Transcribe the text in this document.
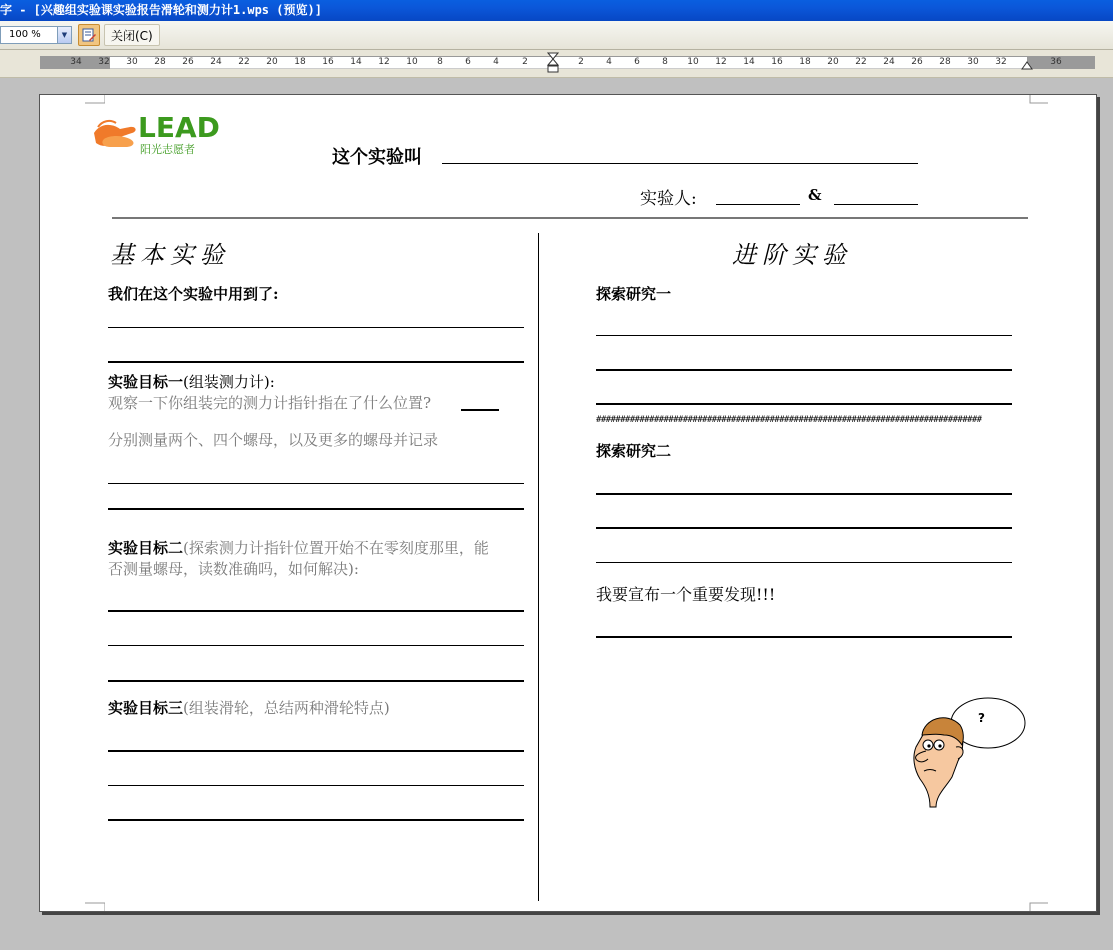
字 - [兴趣组实验课实验报告滑轮和测力计1.wps (预览)]
100 %	▼	关闭(C)
34 32 30 28 26 24 22 20 18 16 14 12 10 8 6 4	2	2 4 6 8 10 12 14 16 18 20 22 24 26 28 30 32	36
LEAD
阳光志愿者	这个实验叫
实验人:	&
基本实验
我们在这个实验中用到了:
实验目标一(组装测力计):
观察一下你组装完的测力计指针指在了什么位置?
分别测量两个、四个螺母，以及更多的螺母并记录
实验目标二(探索测力计指针位置开始不在零刻度那里，能
否测量螺母，读数准确吗，如何解决):
实验目标三(组装滑轮，总结两种滑轮特点)
进阶实验
探索研究一
################################################################################
探索研究二
我要宣布一个重要发现!!!
?
